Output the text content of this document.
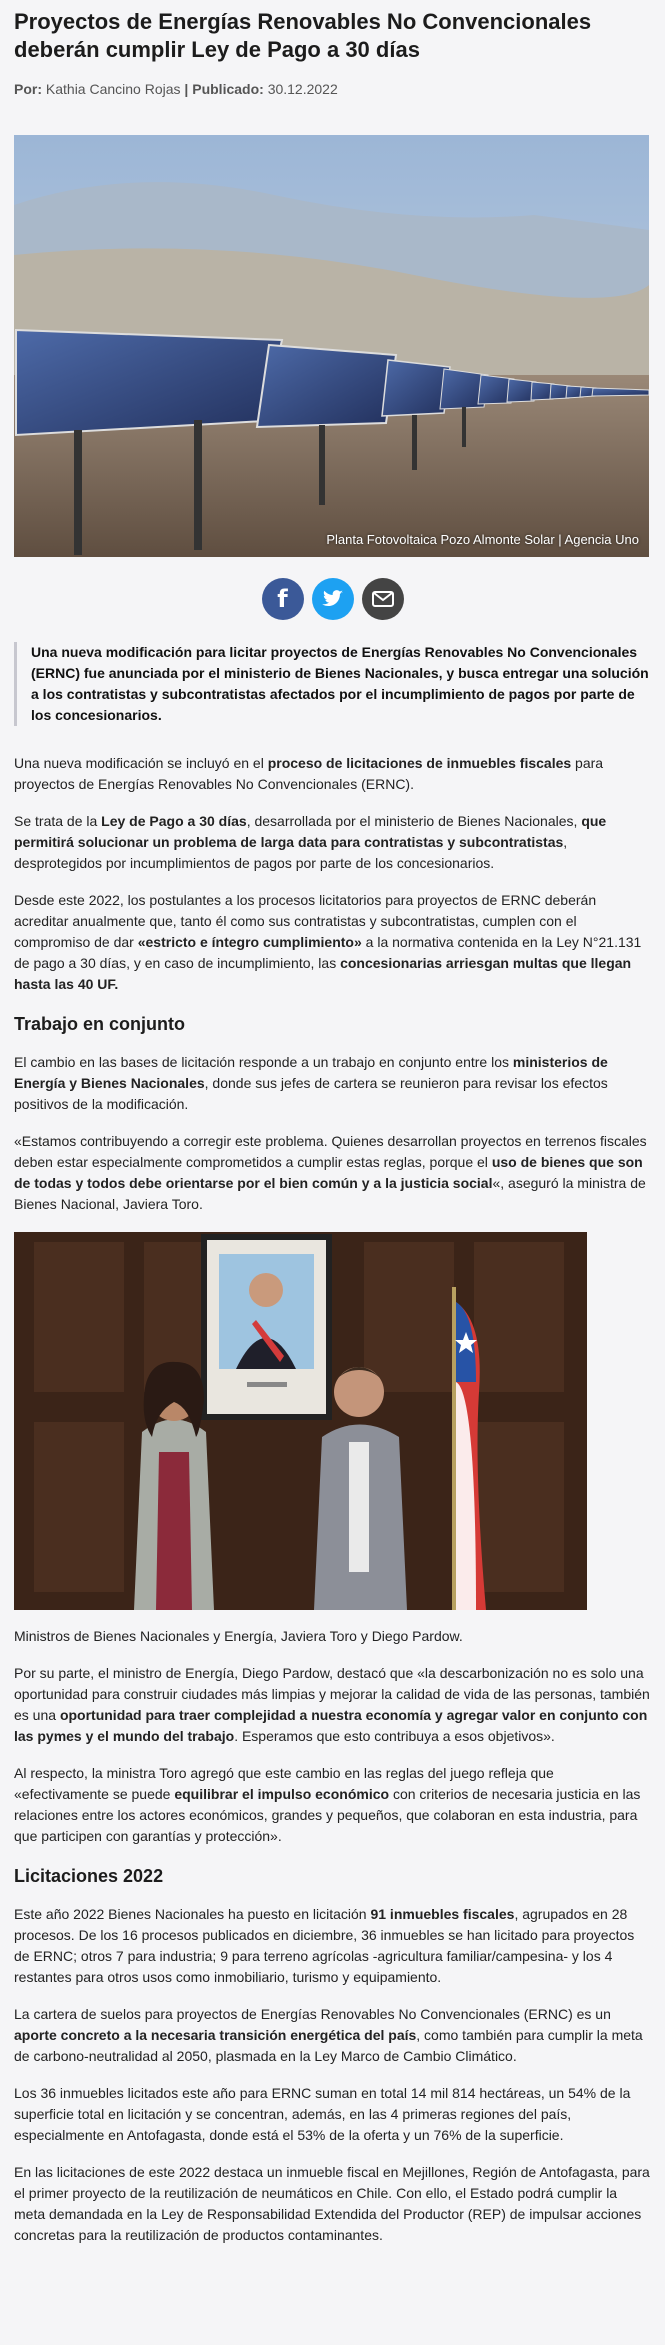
Proyectos de Energías Renovables No Convencionales deberán cumplir Ley de Pago a 30 días
Por: Kathia Cancino Rojas | Publicado: 30.12.2022
Planta Fotovoltaica Pozo Almonte Solar | Agencia Uno
f
Una nueva modificación para licitar proyectos de Energías Renovables No Convencionales (ERNC) fue anunciada por el ministerio de Bienes Nacionales, y busca entregar una solución a los contratistas y subcontratistas afectados por el incumplimiento de pagos por parte de los concesionarios.

Una nueva modificación se incluyó en el proceso de licitaciones de inmuebles fiscales para proyectos de Energías Renovables No Convencionales (ERNC).

Se trata de la Ley de Pago a 30 días, desarrollada por el ministerio de Bienes Nacionales, que permitirá solucionar un problema de larga data para contratistas y subcontratistas, desprotegidos por incumplimientos de pagos por parte de los concesionarios.

Desde este 2022, los postulantes a los procesos licitatorios para proyectos de ERNC deberán acreditar anualmente que, tanto él como sus contratistas y subcontratistas, cumplen con el compromiso de dar «estricto e íntegro cumplimiento» a la normativa contenida en la Ley N°21.131 de pago a 30 días, y en caso de incumplimiento, las concesionarias arriesgan multas que llegan hasta las 40 UF.

Trabajo en conjunto

El cambio en las bases de licitación responde a un trabajo en conjunto entre los ministerios de Energía y Bienes Nacionales, donde sus jefes de cartera se reunieron para revisar los efectos positivos de la modificación.

«Estamos contribuyendo a corregir este problema. Quienes desarrollan proyectos en terrenos fiscales deben estar especialmente comprometidos a cumplir estas reglas, porque el uso de bienes que son de todas y todos debe orientarse por el bien común y a la justicia social«, aseguró la ministra de Bienes Nacional, Javiera Toro.

Ministros de Bienes Nacionales y Energía, Javiera Toro y Diego Pardow.

Por su parte, el ministro de Energía, Diego Pardow, destacó que «la descarbonización no es solo una oportunidad para construir ciudades más limpias y mejorar la calidad de vida de las personas, también es una oportunidad para traer complejidad a nuestra economía y agregar valor en conjunto con las pymes y el mundo del trabajo. Esperamos que esto contribuya a esos objetivos».

Al respecto, la ministra Toro agregó que este cambio en las reglas del juego refleja que «efectivamente se puede equilibrar el impulso económico con criterios de necesaria justicia en las relaciones entre los actores económicos, grandes y pequeños, que colaboran en esta industria, para que participen con garantías y protección».

Licitaciones 2022

Este año 2022 Bienes Nacionales ha puesto en licitación 91 inmuebles fiscales, agrupados en 28 procesos. De los 16 procesos publicados en diciembre, 36 inmuebles se han licitado para proyectos de ERNC; otros 7 para industria; 9 para terreno agrícolas -agricultura familiar/campesina- y los 4 restantes para otros usos como inmobiliario, turismo y equipamiento.

La cartera de suelos para proyectos de Energías Renovables No Convencionales (ERNC) es un aporte concreto a la necesaria transición energética del país, como también para cumplir la meta de carbono-neutralidad al 2050, plasmada en la Ley Marco de Cambio Climático.

Los 36 inmuebles licitados este año para ERNC suman en total 14 mil 814 hectáreas, un 54% de la superficie total en licitación y se concentran, además, en las 4 primeras regiones del país, especialmente en Antofagasta, donde está el 53% de la oferta y un 76% de la superficie.

En las licitaciones de este 2022 destaca un inmueble fiscal en Mejillones, Región de Antofagasta, para el primer proyecto de la reutilización de neumáticos en Chile. Con ello, el Estado podrá cumplir la meta demandada en la Ley de Responsabilidad Extendida del Productor (REP) de impulsar acciones concretas para la reutilización de productos contaminantes.
